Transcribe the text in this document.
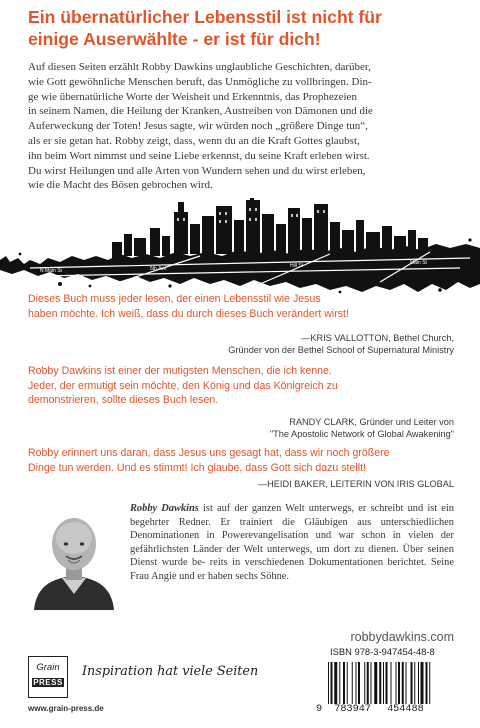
Ein übernatürlicher Lebensstil ist nicht für
einige Auserwählte - er ist für dich!

Auf diesen Seiten erzählt Robby Dawkins unglaubliche Geschichten, darüber,
wie Gott gewöhnliche Menschen beruft, das Unmögliche zu vollbringen. Din-
ge wie übernatürliche Worte der Weisheit und Erkenntnis, das Prophezeien
in seinem Namen, die Heilung der Kranken, Austreiben von Dämonen und die
Auferweckung der Toten! Jesus sagte, wir würden noch „größere Dinge tun“,
als er sie getan hat. Robby zeigt, dass, wenn du an die Kraft Gottes glaubst,
ihn beim Wort nimmst und seine Liebe erkennst, du seine Kraft erleben wirst.
Du wirst Heilungen und alle Arten von Wundern sehen und du wirst erleben,
wie die Macht des Bösen gebrochen wird.

N Main St	5th Ave	Hill St	Main St

Dieses Buch muss jeder lesen, der einen Lebensstil wie Jesus
haben möchte. Ich weiß, dass du durch dieses Buch verändert wirst!

—KRIS VALLOTTON, Bethel Church,
Gründer von der Bethel School of Supernatural Ministry

Robby Dawkins ist einer der mutigsten Menschen, die ich kenne.
Jeder, der ermutigt sein möchte, den König und das Königreich zu
demonstrieren, sollte dieses Buch lesen.

RANDY CLARK, Gründer und Leiter von
"The Apostolic Network of Global Awakening"

Robby erinnert uns daran, dass Jesus uns gesagt hat, dass wir noch größere
Dinge tun werden. Und es stimmt! Ich glaube, dass Gott sich dazu stellt!

—HEIDI BAKER, LEITERIN VON IRIS GLOBAL

Robby Dawkins ist auf der ganzen Welt unterwegs, er schreibt und ist ein begehrter Redner. Er trainiert die Gläubigen aus unterschiedlichen Denominationen in Powerevangelisation und war schon in vielen der gefährlichsten Länder der Welt unterwegs, um dort zu dienen. Über seinen Dienst wurde be- reits in verschiedenen Dokumentationen berichtet. Seine Frau Angie und er haben sechs Söhne.

robbydawkins.com

Grain
PRESS

Inspiration hat viele Seiten

www.grain-press.de

ISBN 978-3-947454-48-8

9 783947 454488
